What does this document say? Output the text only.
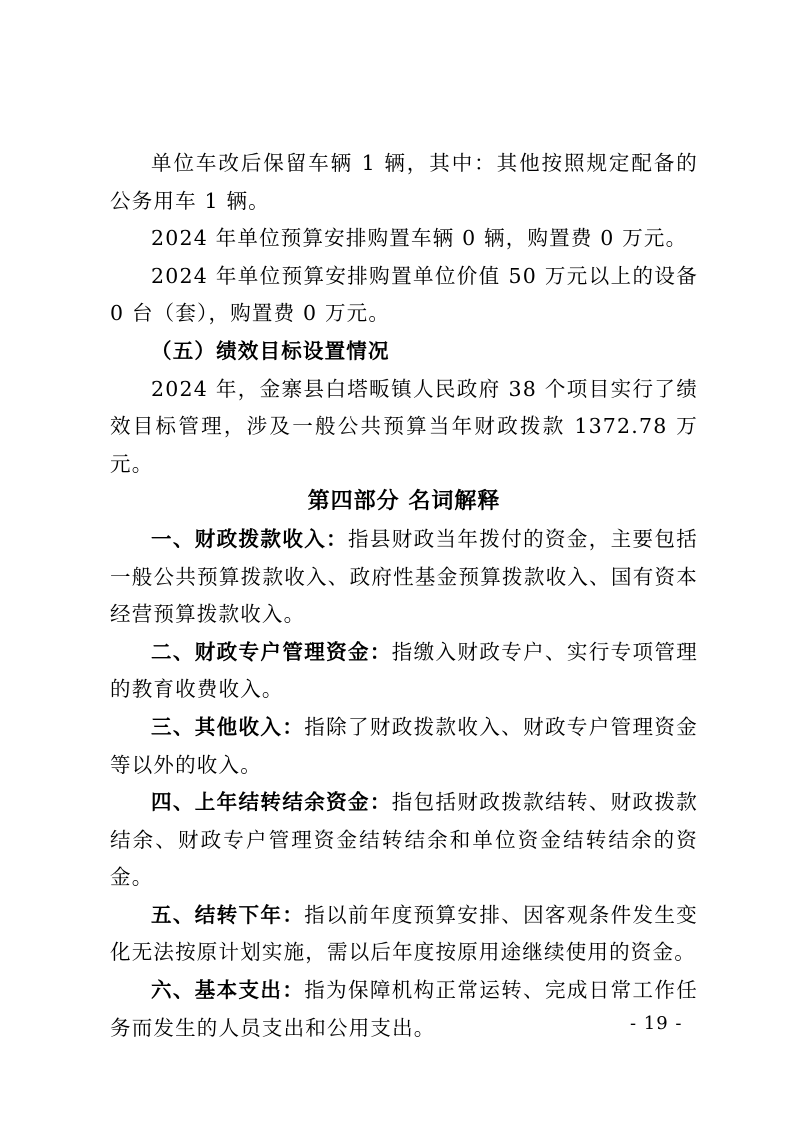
单位车改后保留车辆 1 辆，其中：其他按照规定配备的公务用车 1 辆。

2024 年单位预算安排购置车辆 0 辆，购置费 0 万元。

2024 年单位预算安排购置单位价值 50 万元以上的设备 0 台（套），购置费 0 万元。

（五）绩效目标设置情况

2024 年，金寨县白塔畈镇人民政府 38 个项目实行了绩效目标管理，涉及一般公共预算当年财政拨款 1372.78 万元。

第四部分 名词解释

一、财政拨款收入：指县财政当年拨付的资金，主要包括一般公共预算拨款收入、政府性基金预算拨款收入、国有资本经营预算拨款收入。

二、财政专户管理资金：指缴入财政专户、实行专项管理的教育收费收入。

三、其他收入：指除了财政拨款收入、财政专户管理资金等以外的收入。

四、上年结转结余资金：指包括财政拨款结转、财政拨款结余、财政专户管理资金结转结余和单位资金结转结余的资金。

五、结转下年：指以前年度预算安排、因客观条件发生变化无法按原计划实施，需以后年度按原用途继续使用的资金。

六、基本支出：指为保障机构正常运转、完成日常工作任务而发生的人员支出和公用支出。	- 19 -
